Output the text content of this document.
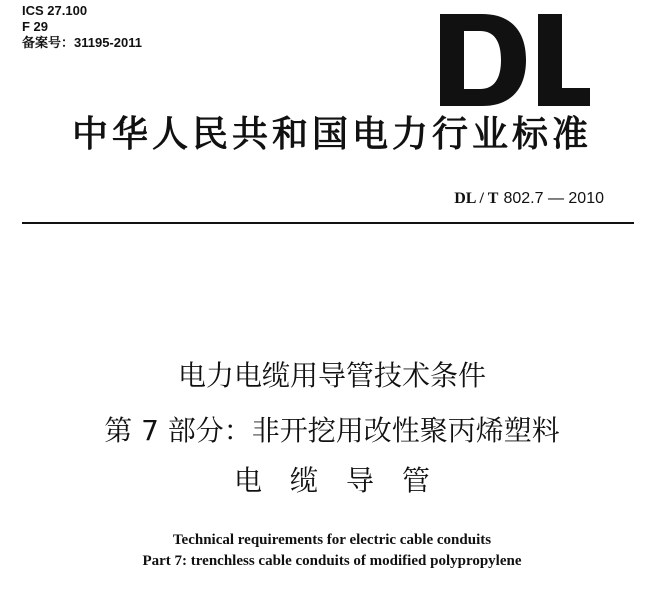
ICS 27.100
F 29
备案号：31195-2011
中华人民共和国电力行业标准
DL / T 802.7 — 2010
电力电缆用导管技术条件
第 7 部分：非开挖用改性聚丙烯塑料
电缆导管
Technical requirements for electric cable conduits
Part 7: trenchless cable conduits of modified polypropylene
